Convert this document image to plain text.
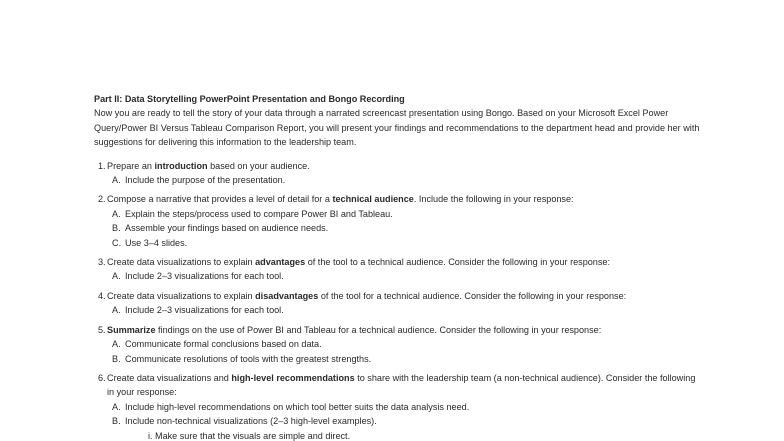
Part II: Data Storytelling PowerPoint Presentation and Bongo Recording

Now you are ready to tell the story of your data through a narrated screencast presentation using Bongo. Based on your Microsoft Excel Power Query/Power BI Versus Tableau Comparison Report, you will present your findings and recommendations to the department head and provide her with suggestions for delivering this information to the leadership team.

1. Prepare an introduction based on your audience.
A. Include the purpose of the presentation.
2. Compose a narrative that provides a level of detail for a technical audience. Include the following in your response:
A. Explain the steps/process used to compare Power BI and Tableau.
B. Assemble your findings based on audience needs.
C. Use 3–4 slides.
3. Create data visualizations to explain advantages of the tool to a technical audience. Consider the following in your response:
A. Include 2–3 visualizations for each tool.
4. Create data visualizations to explain disadvantages of the tool for a technical audience. Consider the following in your response:
A. Include 2–3 visualizations for each tool.
5. Summarize findings on the use of Power BI and Tableau for a technical audience. Consider the following in your response:
A. Communicate formal conclusions based on data.
B. Communicate resolutions of tools with the greatest strengths.
6. Create data visualizations and high-level recommendations to share with the leadership team (a non-technical audience). Consider the following in your response:
A. Include high-level recommendations on which tool better suits the data analysis need.
B. Include non-technical visualizations (2–3 high-level examples).
i. Make sure that the visuals are simple and direct.
